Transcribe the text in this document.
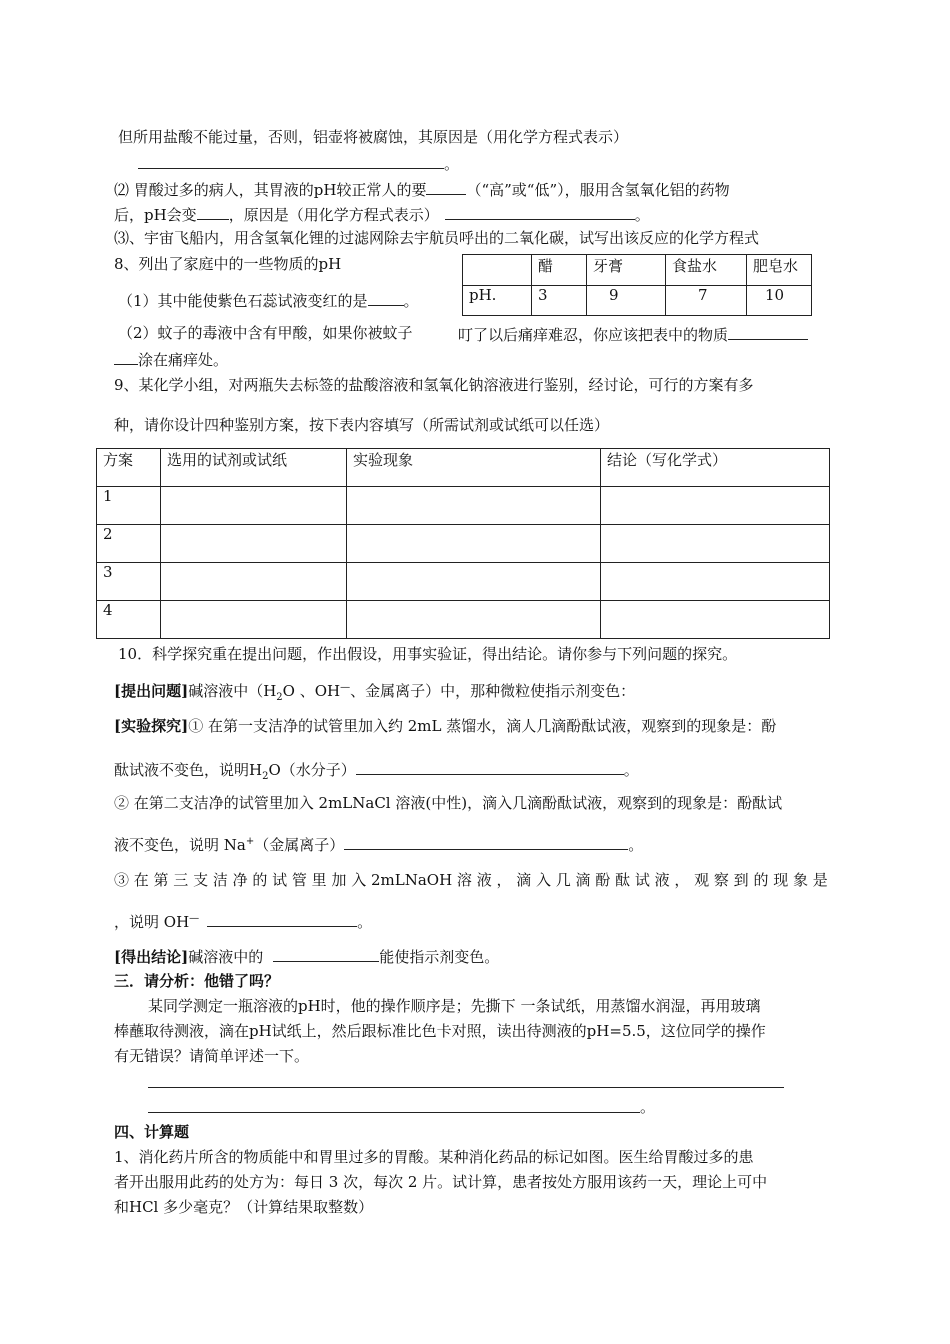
但所用盐酸不能过量，否则，铝壶将被腐蚀，其原因是（用化学方程式表示）
。
⑵ 胃酸过多的病人，其胃液的pH较正常人的要	（“高”或“低”），服用含氢氧化铝的药物
后，pH会变 ，原因是（用化学方程式表示）	。
⑶、宇宙飞船内，用含氢氧化锂的过滤网除去宇航员呼出的二氧化碳，试写出该反应的化学方程式
8、列出了家庭中的一些物质的pH
		醋	牙膏	食盐水	肥皂水
pH.	3	9	7	10
（1）其中能使紫色石蕊试液变红的是 。
（2）蚊子的毒液中含有甲酸，如果你被蚊子	叮了以后痛痒难忍，你应该把表中的物质
涂在痛痒处。
9、某化学小组，对两瓶失去标签的盐酸溶液和氢氧化钠溶液进行鉴别，经讨论，可行的方案有多
种，请你设计四种鉴别方案，按下表内容填写（所需试剂或试纸可以任选）
方案	选用的试剂或试纸	实验现象	结论（写化学式）
1			
2			
3			
4			
10．科学探究重在提出问题，作出假设，用事实验证，得出结论。请你参与下列问题的探究。
[提出问题]碱溶液中（$H_2O$ 、OH—、金属离子）中，那种微粒使指示剂变色：
[实验探究]① 在第一支洁净的试管里加入约 2mL 蒸馏水，滴人几滴酚酞试液，观察到的现象是：酚
酞试液不变色，说明$H_2O$（水分子）	。
② 在第二支洁净的试管里加入 2mLNaCl 溶液(中性)，滴入几滴酚酞试液，观察到的现象是：酚酞试
液不变色，说明 Na+（金属离子）	。
③ 在 第 三 支 洁 净 的 试 管 里 加 入 2mLNaOH 溶 液 ， 滴 入 几 滴 酚 酞 试 液 ， 观 察 到 的 现 象 是
，说明 OH—	。
[得出结论]碱溶液中的	能使指示剂变色。
三．请分析：他错了吗？
某同学测定一瓶溶液的pH时，他的操作顺序是；先撕下 一条试纸，用蒸馏水润湿，再用玻璃
棒蘸取待测液，滴在pH试纸上，然后跟标准比色卡对照，读出待测液的pH=5.5，这位同学的操作
有无错误？请简单评述一下。
。
四、计算题
1、消化药片所含的物质能中和胃里过多的胃酸。某种消化药品的标记如图。医生给胃酸过多的患
者开出服用此药的处方为：每日 3 次，每次 2 片。试计算，患者按处方服用该药一天，理论上可中
和HCl 多少毫克？（计算结果取整数）
